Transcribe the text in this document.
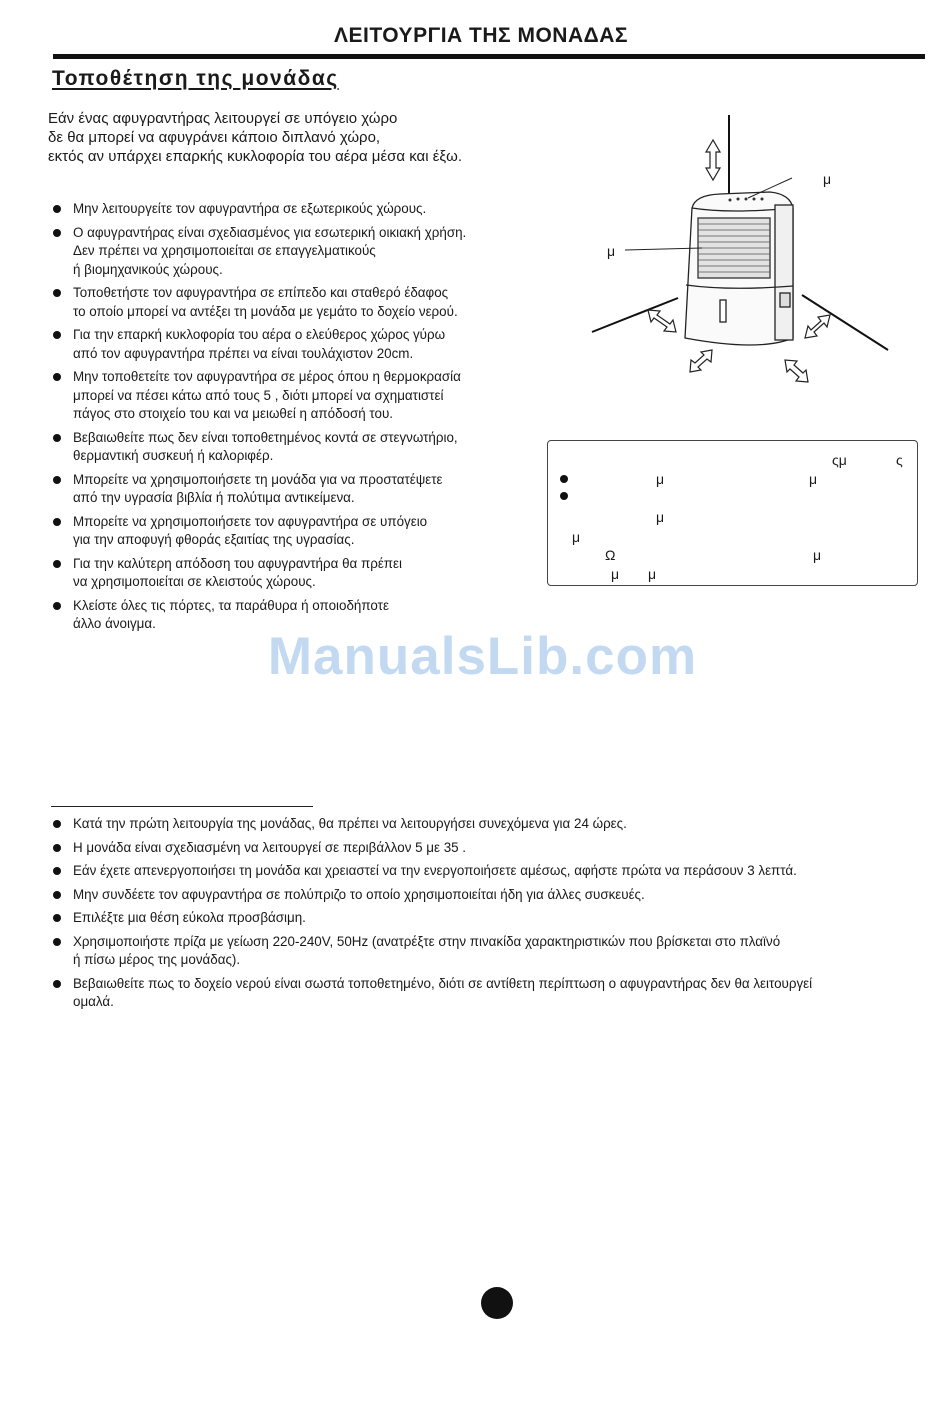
ΛΕΙΤΟΥΡΓΙΑ ΤΗΣ ΜΟΝΑΔΑΣ
Τοποθέτηση της μονάδας
Εάν ένας αφυγραντήρας λειτουργεί σε υπόγειο χώρο
δε θα μπορεί να αφυγράνει κάποιο διπλανό χώρο,
εκτός αν υπάρχει επαρκής κυκλοφορία του αέρα μέσα και έξω.
Μην λειτουργείτε τον αφυγραντήρα σε εξωτερικούς χώρους.
Ο αφυγραντήρας είναι σχεδιασμένος για εσωτερική οικιακή χρήση.
Δεν πρέπει να χρησιμοποιείται σε επαγγελματικούς
ή βιομηχανικούς χώρους.
Τοποθετήστε τον αφυγραντήρα σε επίπεδο και σταθερό έδαφος
το οποίο μπορεί να αντέξει τη μονάδα με γεμάτο το δοχείο νερού.
Για την επαρκή κυκλοφορία του αέρα ο ελεύθερος χώρος γύρω
από τον αφυγραντήρα πρέπει να είναι τουλάχιστον 20cm.
Μην τοποθετείτε τον αφυγραντήρα σε μέρος όπου η θερμοκρασία
μπορεί να πέσει κάτω από τους 5 , διότι μπορεί να σχηματιστεί
πάγος στο στοιχείο του και να μειωθεί η απόδοσή του.
Βεβαιωθείτε πως δεν είναι τοποθετημένος κοντά σε στεγνωτήριο,
θερμαντική συσκευή ή καλοριφέρ.
Μπορείτε να χρησιμοποιήσετε τη μονάδα για να προστατέψετε
από την υγρασία βιβλία ή πολύτιμα αντικείμενα.
Μπορείτε να χρησιμοποιήσετε τον αφυγραντήρα σε υπόγειο
για την αποφυγή φθοράς εξαιτίας της υγρασίας.
Για την καλύτερη απόδοση του αφυγραντήρα θα πρέπει
να χρησιμοποιείται σε κλειστούς χώρους.
Κλείστε όλες τις πόρτες, τα παράθυρα ή οποιοδήποτε
άλλο άνοιγμα.
μ
μ
ςμ	ς
μ	μ
μ
μ
Ω	μ
μ μ
ManualsLib.com
Κατά την πρώτη λειτουργία της μονάδας, θα πρέπει να λειτουργήσει συνεχόμενα για 24 ώρες.
Η μονάδα είναι σχεδιασμένη να λειτουργεί σε περιβάλλον 5 με 35 .
Εάν έχετε απενεργοποιήσει τη μονάδα και χρειαστεί να την ενεργοποιήσετε αμέσως, αφήστε πρώτα να περάσουν 3 λεπτά.
Μην συνδέετε τον αφυγραντήρα σε πολύπριζο το οποίο χρησιμοποιείται ήδη για άλλες συσκευές.
Επιλέξτε μια θέση εύκολα προσβάσιμη.
Χρησιμοποιήστε πρίζα με γείωση 220-240V, 50Hz (ανατρέξτε στην πινακίδα χαρακτηριστικών που βρίσκεται στο πλαϊνό
ή πίσω μέρος της μονάδας).
Βεβαιωθείτε πως το δοχείο νερού είναι σωστά τοποθετημένο, διότι σε αντίθετη περίπτωση ο αφυγραντήρας δεν θα λειτουργεί
ομαλά.
